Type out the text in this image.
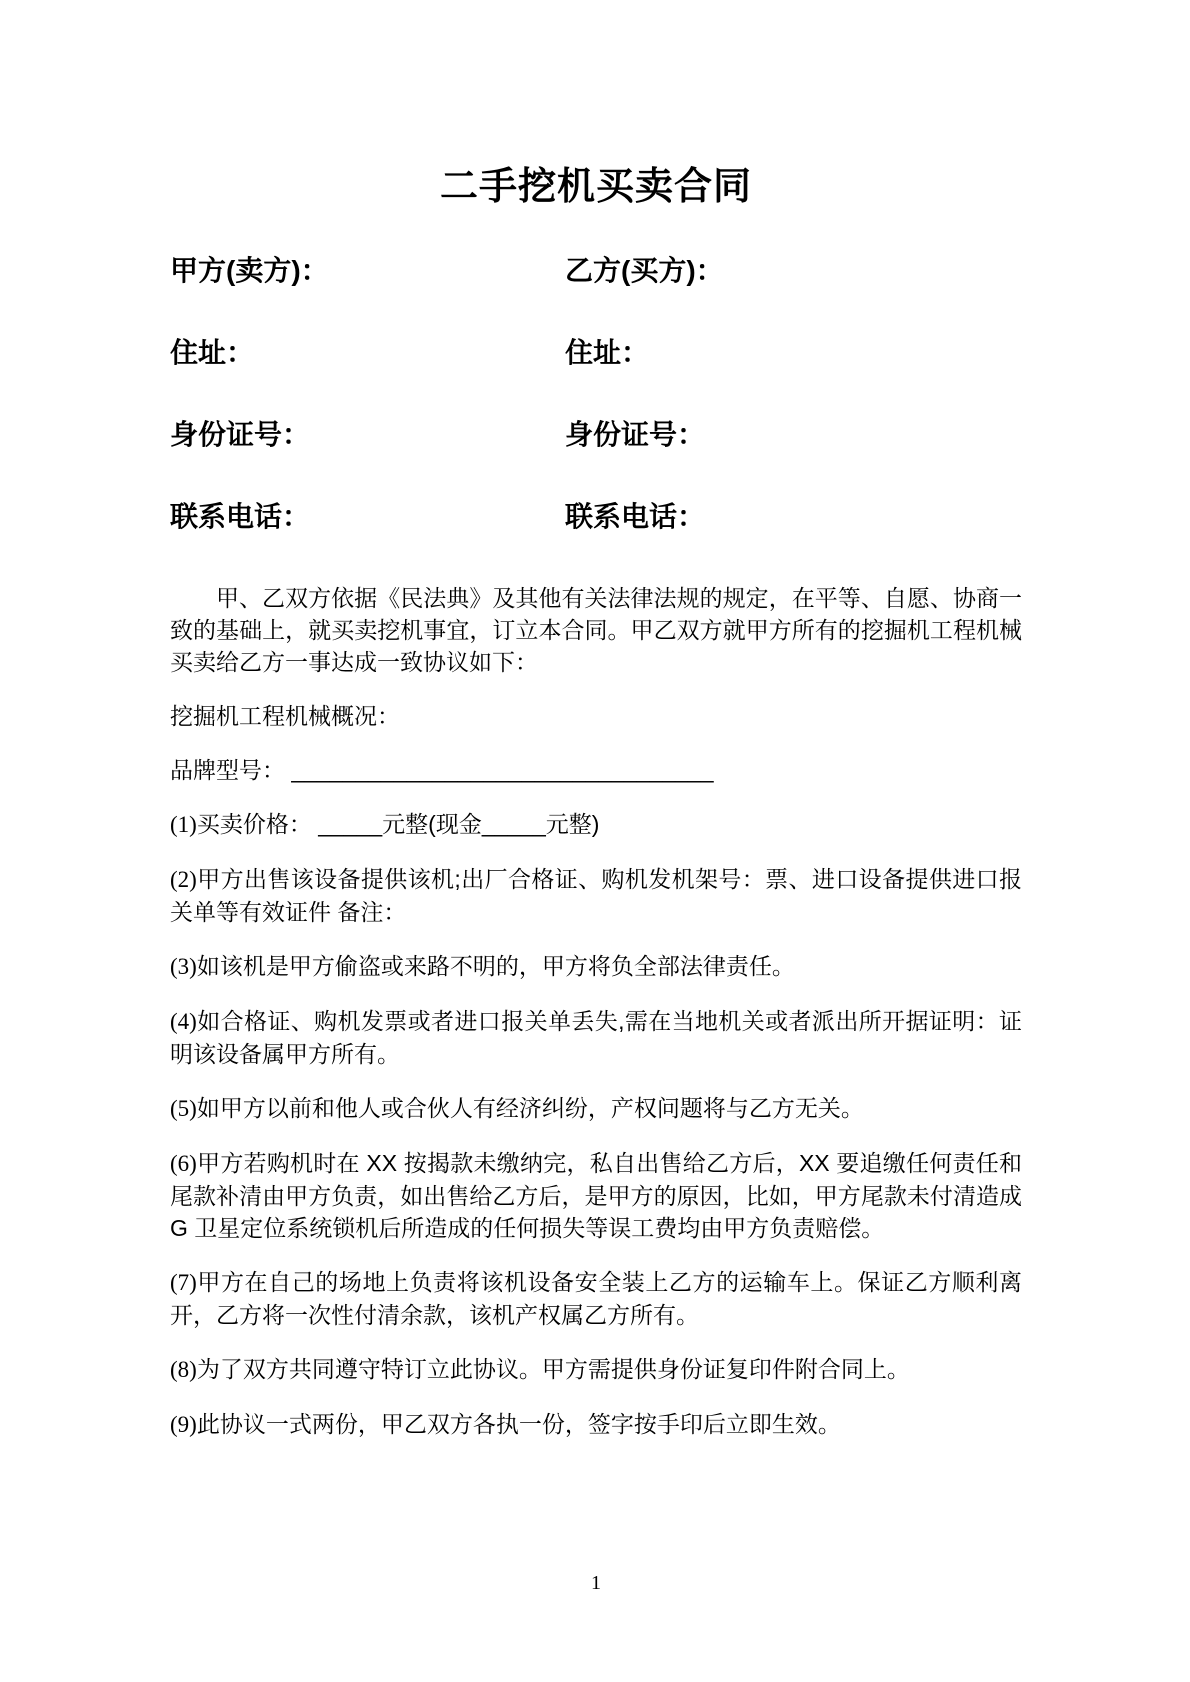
二手挖机买卖合同
甲方(卖方)：	乙方(买方)：
住址：	住址：
身份证号：	身份证号：
联系电话：	联系电话：

甲、乙双方依据《民法典》及其他有关法律法规的规定，在平等、自愿、协商一致的基础上，就买卖挖机事宜，订立本合同。甲乙双方就甲方所有的挖掘机工程机械买卖给乙方一事达成一致协议如下：

挖掘机工程机械概况：

品牌型号： _________________________________

(1)买卖价格： _____元整(现金_____元整)

(2)甲方出售该设备提供该机;出厂合格证、购机发机架号：票、进口设备提供进口报关单等有效证件 备注：

(3)如该机是甲方偷盗或来路不明的，甲方将负全部法律责任。

(4)如合格证、购机发票或者进口报关单丢失,需在当地机关或者派出所开据证明：证明该设备属甲方所有。

(5)如甲方以前和他人或合伙人有经济纠纷，产权问题将与乙方无关。

(6)甲方若购机时在 XX 按揭款未缴纳完，私自出售给乙方后，XX 要追缴任何责任和尾款补清由甲方负责，如出售给乙方后，是甲方的原因，比如，甲方尾款未付清造成 G 卫星定位系统锁机后所造成的任何损失等误工费均由甲方负责赔偿。

(7)甲方在自己的场地上负责将该机设备安全装上乙方的运输车上。保证乙方顺利离开，乙方将一次性付清余款，该机产权属乙方所有。

(8)为了双方共同遵守特订立此协议。甲方需提供身份证复印件附合同上。

(9)此协议一式两份，甲乙双方各执一份，签字按手印后立即生效。

1
